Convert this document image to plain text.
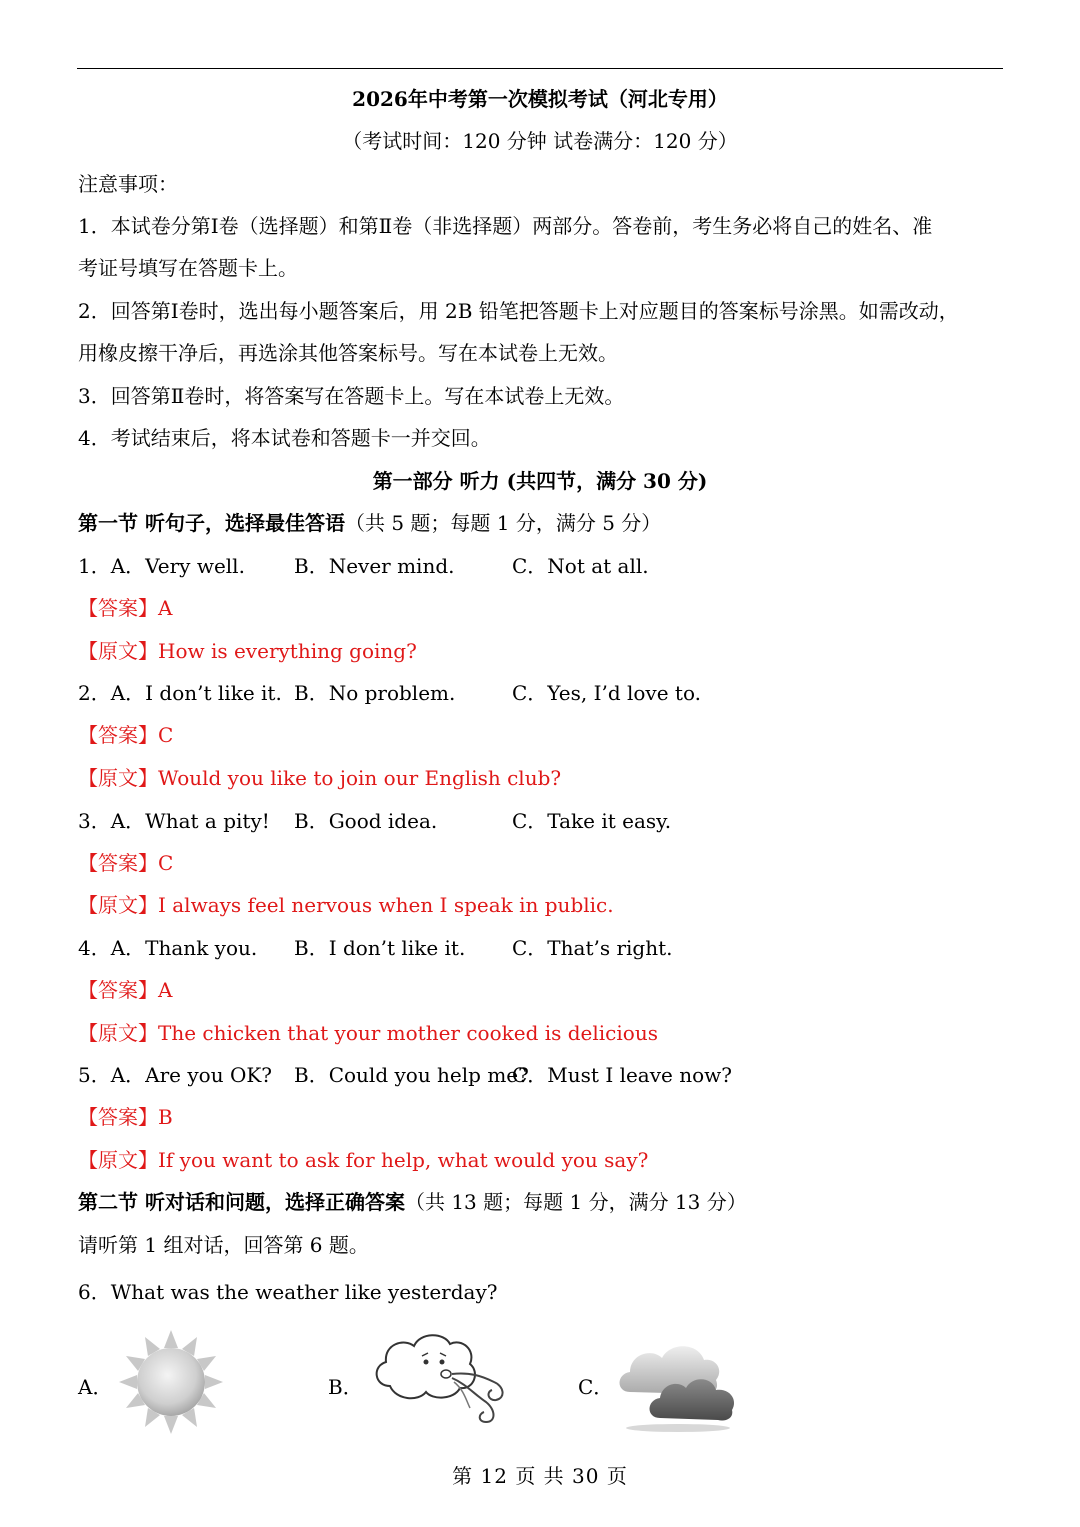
2026年中考第一次模拟考试（河北专用）
（考试时间：120 分钟 试卷满分：120 分）
注意事项：
1．本试卷分第Ⅰ卷（选择题）和第Ⅱ卷（非选择题）两部分。答卷前，考生务必将自己的姓名、准
考证号填写在答题卡上。
2．回答第Ⅰ卷时，选出每小题答案后，用 2B 铅笔把答题卡上对应题目的答案标号涂黑。如需改动，
用橡皮擦干净后，再选涂其他答案标号。写在本试卷上无效。
3．回答第Ⅱ卷时，将答案写在答题卡上。写在本试卷上无效。
4．考试结束后，将本试卷和答题卡一并交回。
第一部分 听力 (共四节，满分 30 分)
第一节 听句子，选择最佳答语（共 5 题；每题 1 分，满分 5 分）
1．A．Very well. B．Never mind.	C．Not at all.
【答案】A
【原文】How is everything going?
2．A．I don’t like it. B．No problem.	C．Yes, I’d love to.
【答案】C
【原文】Would you like to join our English club?
3．A．What a pity! B．Good idea.	C．Take it easy.
【答案】C
【原文】I always feel nervous when I speak in public.
4．A．Thank you. B．I don’t like it. C．That’s right.
【答案】A
【原文】The chicken that your mother cooked is delicious
5．A．Are you OK? B．Could you help me?
C．Must I leave now?
【答案】B
【原文】If you want to ask for help, what would you say?
第二节 听对话和问题，选择正确答案（共 13 题；每题 1 分，满分 13 分）
请听第 1 组对话，回答第 6 题。
6．What was the weather like yesterday?
A．	B．	C．
第 12 页 共 30 页
